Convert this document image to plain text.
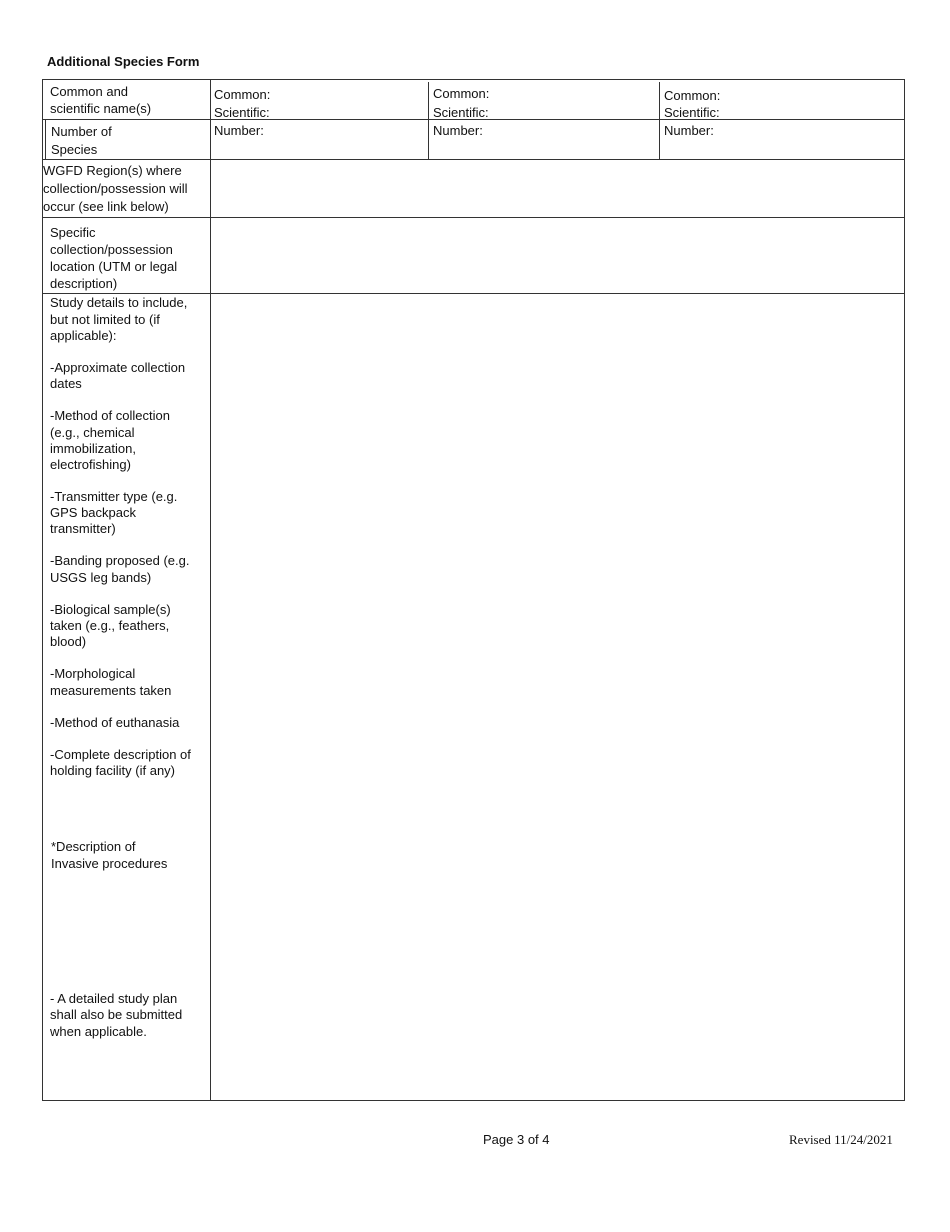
Additional Species Form
Common and
scientific name(s)
Common:
Scientific:
Common:
Scientific:
Common:
Scientific:
Number of
Species
Number:	Number:	Number:
WGFD Region(s) where
collection/possession will
occur (see link below)
Specific
collection/possession
location (UTM or legal
description)
Study details to include,
but not limited to (if
applicable):
-Approximate collection
dates
-Method of collection
(e.g., chemical
immobilization,
electrofishing)
-Transmitter type (e.g.
GPS backpack
transmitter)
-Banding proposed (e.g.
USGS leg bands)
-Biological sample(s)
taken (e.g., feathers,
blood)
-Morphological
measurements taken
-Method of euthanasia
-Complete description of
holding facility (if any)
*Description of
Invasive procedures
- A detailed study plan
shall also be submitted
when applicable.
Page 3 of 4	Revised 11/24/2021
